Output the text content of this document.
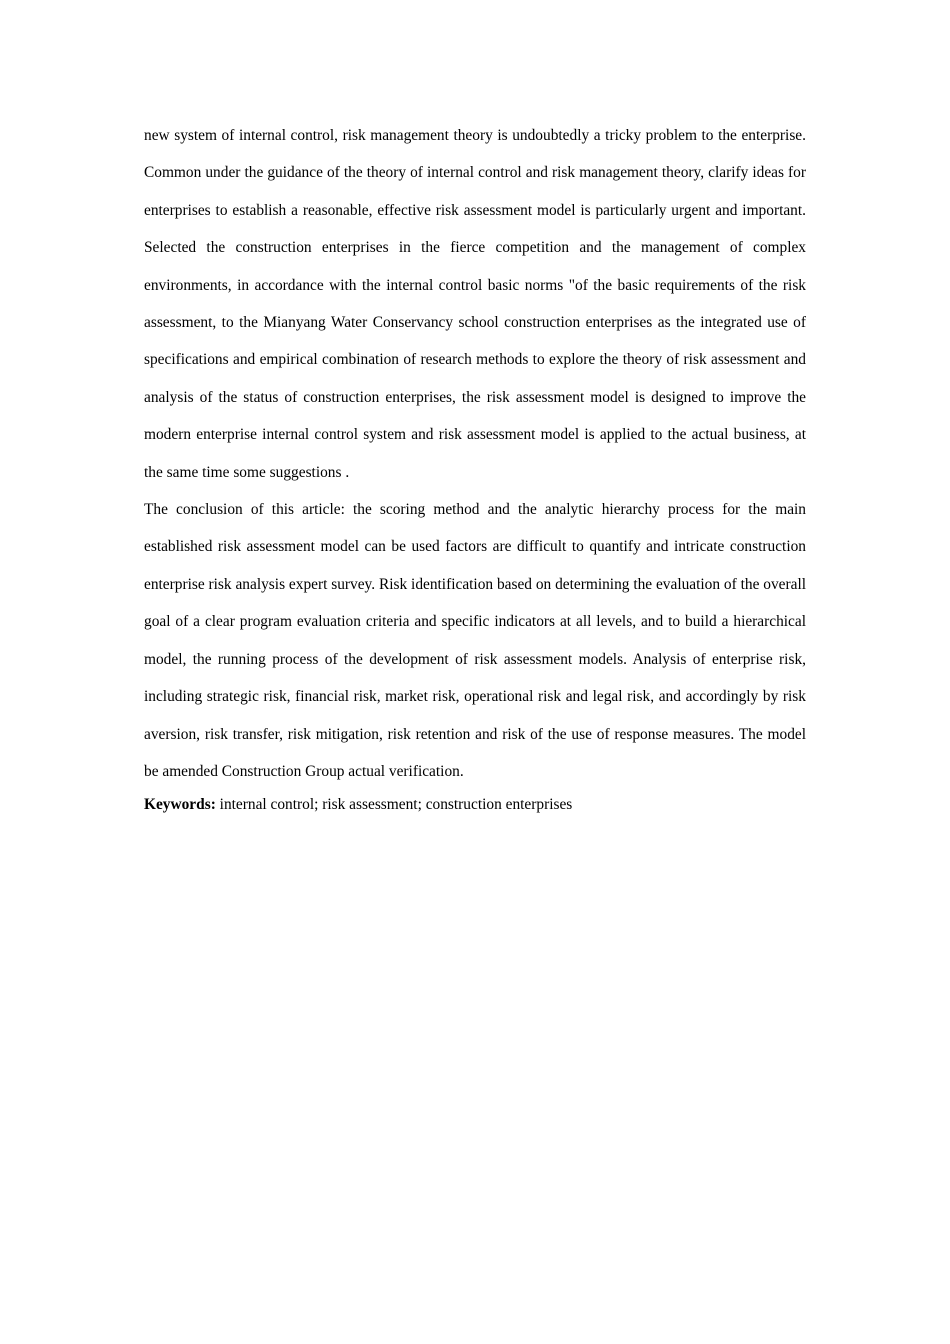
new system of internal control, risk management theory is undoubtedly a tricky problem to the enterprise. Common under the guidance of the theory of internal control and risk management theory, clarify ideas for enterprises to establish a reasonable, effective risk assessment model is particularly urgent and important. Selected the construction enterprises in the fierce competition and the management of complex environments, in accordance with the internal control basic norms "of the basic requirements of the risk assessment, to the Mianyang Water Conservancy school construction enterprises as the integrated use of specifications and empirical combination of research methods to explore the theory of risk assessment and analysis of the status of construction enterprises, the risk assessment model is designed to improve the modern enterprise internal control system and risk assessment model is applied to the actual business, at the same time some suggestions .

The conclusion of this article: the scoring method and the analytic hierarchy process for the main established risk assessment model can be used factors are difficult to quantify and intricate construction enterprise risk analysis expert survey. Risk identification based on determining the evaluation of the overall goal of a clear program evaluation criteria and specific indicators at all levels, and to build a hierarchical model, the running process of the development of risk assessment models. Analysis of enterprise risk, including strategic risk, financial risk, market risk, operational risk and legal risk, and accordingly by risk aversion, risk transfer, risk mitigation, risk retention and risk of the use of response measures. The model be amended Construction Group actual verification.

Keywords: internal control; risk assessment; construction enterprises
